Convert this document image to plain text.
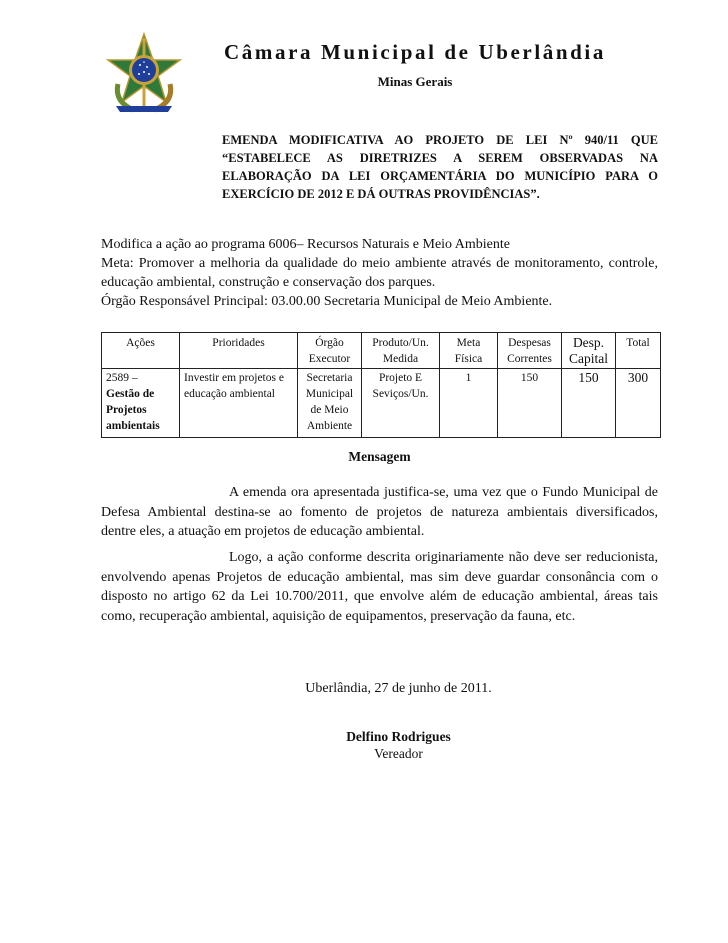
Câmara Municipal de Uberlândia
Minas Gerais
EMENDA MODIFICATIVA AO PROJETO DE LEI Nº 940/11 QUE
“ESTABELECE AS DIRETRIZES A SEREM OBSERVADAS NA
ELABORAÇÃO DA LEI ORÇAMENTÁRIA DO MUNICÍPIO PARA O
EXERCÍCIO DE 2012 E DÁ OUTRAS PROVIDÊNCIAS”.
Modifica a ação ao programa 6006– Recursos Naturais e Meio Ambiente
Meta: Promover a melhoria da qualidade do meio ambiente através de monitoramento, controle,
educação ambiental, construção e conservação dos parques.
Órgão Responsável Principal: 03.00.00 Secretaria Municipal de Meio Ambiente.
Ações	Prioridades	Órgão Executor	Produto/Un. Medida	Meta Física	Despesas Correntes	Desp. Capital	Total

2589 –
Gestão de Projetos ambientais	Investir em projetos e educação ambiental	Secretaria Municipal de Meio Ambiente	Projeto E Seviços/Un.	1	150	150	300
Mensagem
A emenda ora apresentada justifica-se, uma vez que o Fundo Municipal de
Defesa Ambiental destina-se ao fomento de projetos de natureza ambientais diversificados,
dentre eles, a atuação em projetos de educação ambiental.
Logo, a ação conforme descrita originariamente não deve ser reducionista,
envolvendo apenas Projetos de educação ambiental, mas sim deve guardar consonância com o
disposto no artigo 62 da Lei 10.700/2011, que envolve além de educação ambiental, áreas tais
como, recuperação ambiental, aquisição de equipamentos, preservação da fauna, etc.
Uberlândia, 27 de junho de 2011.
Delfino Rodrigues
Vereador
